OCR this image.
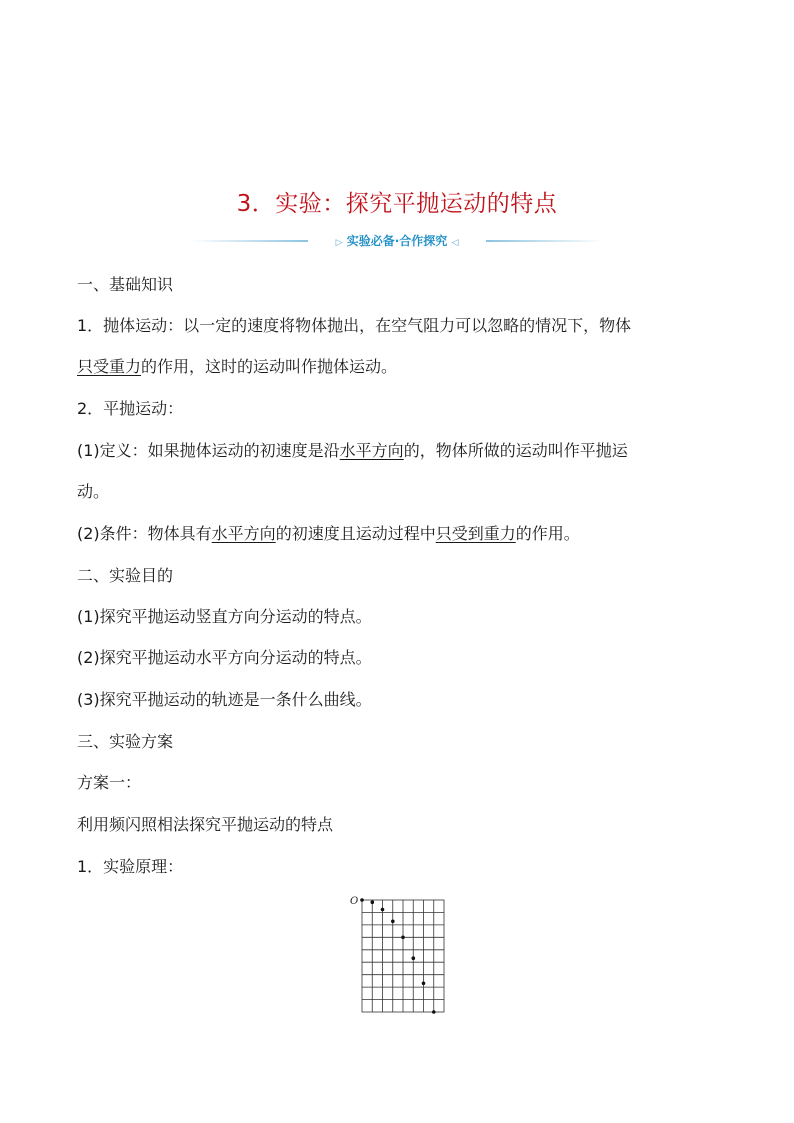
3．实验：探究平抛运动的特点
▷ 实验必备·合作探究 ◁
一、基础知识
1．抛体运动：以一定的速度将物体抛出，在空气阻力可以忽略的情况下，物体
只受重力的作用，这时的运动叫作抛体运动。
2．平抛运动：
(1)定义：如果抛体运动的初速度是沿水平方向的，物体所做的运动叫作平抛运
动。
(2)条件：物体具有水平方向的初速度且运动过程中只受到重力的作用。
二、实验目的
(1)探究平抛运动竖直方向分运动的特点。
(2)探究平抛运动水平方向分运动的特点。
(3)探究平抛运动的轨迹是一条什么曲线。
三、实验方案
方案一：
利用频闪照相法探究平抛运动的特点
1．实验原理：
O
